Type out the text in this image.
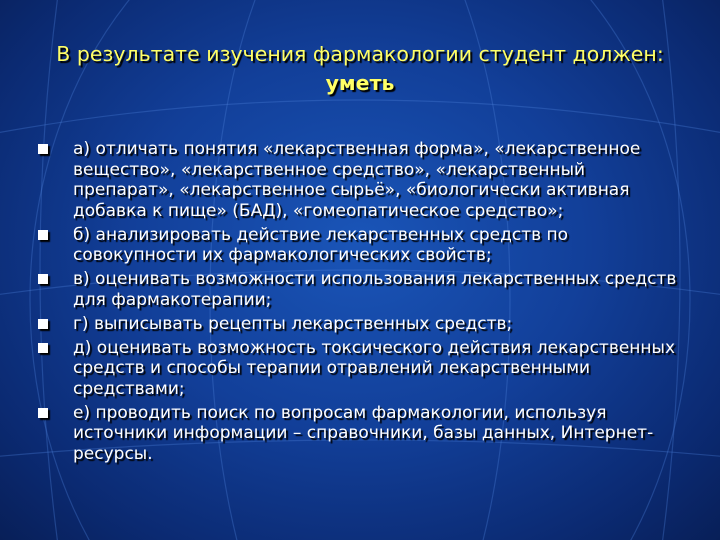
В результате изучения фармакологии студент должен:
уметь
а) отличать понятия «лекарственная форма», «лекарственное вещество», «лекарственное средство», «лекарственный препарат», «лекарственное сырьё», «биологически активная добавка к пище» (БАД), «гомеопатическое средство»;
б) анализировать действие лекарственных средств по совокупности их фармакологических свойств;
в) оценивать возможности использования лекарственных средств для фармакотерапии;
г) выписывать рецепты лекарственных средств;
д) оценивать возможность токсического действия лекарственных средств и способы терапии отравлений лекарственными средствами;
е) проводить поиск по вопросам фармакологии, используя источники информации – справочники, базы данных, Интернет-ресурсы.
